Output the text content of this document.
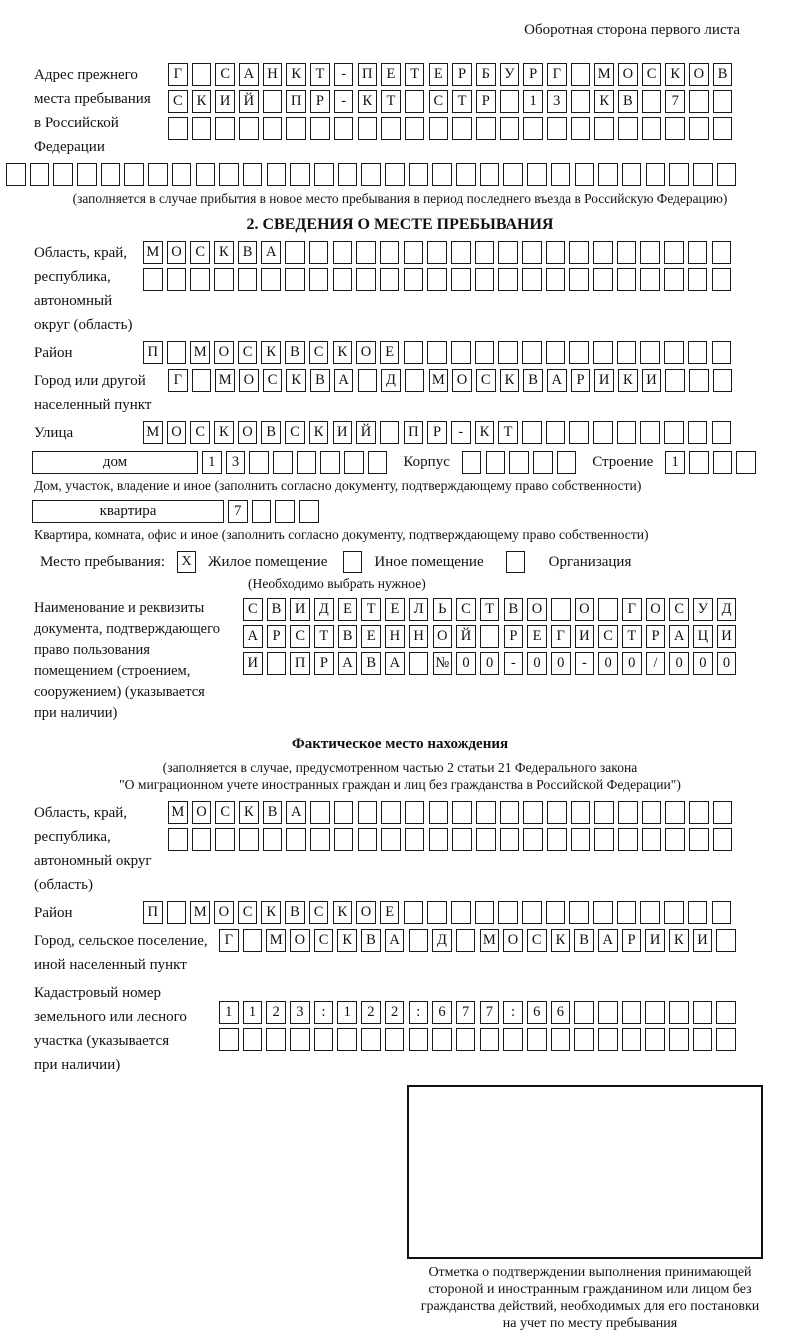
Оборотная сторона первого листа
Адрес прежнего
места пребывания
в Российской
Федерации
Г	С А Н К Т	-	П Е	Т	Е	Р	Б У	Р	Г	М О С К О В
С К И Й	П Р	-	К Т	С Т	Р	1	3	К В	7
(заполняется в случае прибытия в новое место пребывания в период последнего въезда в Российскую Федерацию)
2. СВЕДЕНИЯ О МЕСТЕ ПРЕБЫВАНИЯ
Область, край,
республика,
автономный
округ (область)
М О С К В А
Район	П	М О С К В С К О Е
Город или другой
населенный пункт
Г	М О С К В А	Д	М О С К В А Р И К И
Улица	М О С К О В С К И Й	П Р	-	К Т
дом	1	3	Корпус	Строение	1
Дом, участок, владение и иное (заполнить согласно документу, подтверждающему право собственности)
квартира	7
Квартира, комната, офис и иное (заполнить согласно документу, подтверждающему право собственности)
Место пребывания:	X Жилое помещение	Иное помещение	Организация
(Необходимо выбрать нужное)
Наименование и реквизиты
документа, подтверждающего
право пользования
помещением (строением,
сооружением) (указывается
при наличии)
С В И Д Е	Т	Е Л	Ь	С Т В О	О	Г О С У Д
А Р	С Т В Е Н Н О Й	Р	Е	Г И С Т	Р А Ц И
И	П Р А В А	№ 0	0	-	0	0	-	0	0	/	0	0	0
Фактическое место нахождения
(заполняется в случае, предусмотренном частью 2 статьи 21 Федерального закона
"О миграционном учете иностранных граждан и лиц без гражданства в Российской Федерации")
Область, край,
республика,
автономный округ
(область)
М О С К В А
Район	П	М О С К В С К О Е
Город, сельское поселение,
иной населенный пункт
Г	М О С К В А	Д	М О С К В А Р И К И
Кадастровый номер
земельного или лесного
участка (указывается
при наличии)
1	1	2	3	:	1	2	2	:	6	7	7	:	6	6
Отметка о подтверждении выполнения принимающей
стороной и иностранным гражданином или лицом без
гражданства действий, необходимых для его постановки
на учет по месту пребывания
